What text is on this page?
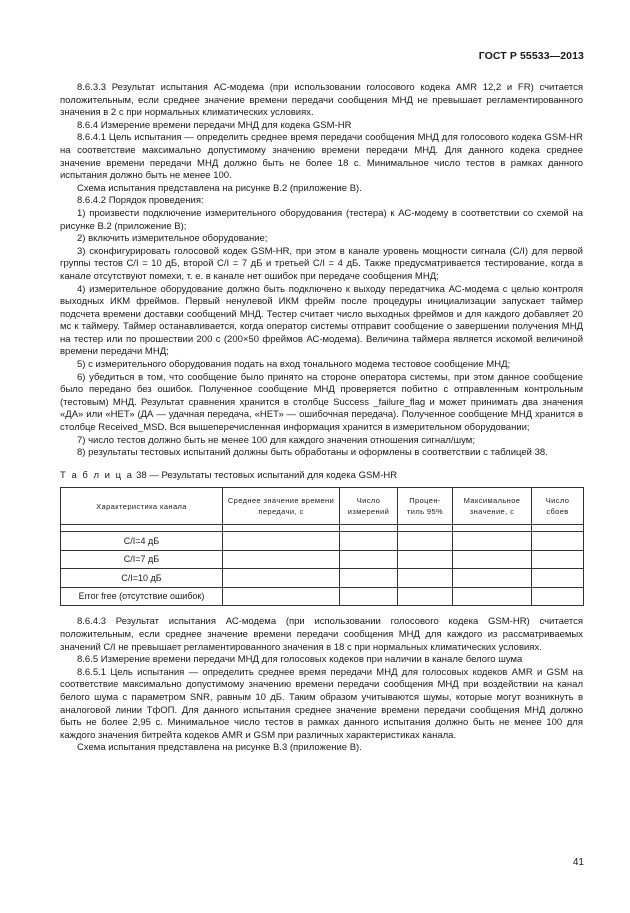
ГОСТ Р 55533—2013

8.6.3.3 Результат испытания АС-модема (при использовании голосового кодека AMR 12,2 и FR) считается положительным, если среднее значение времени передачи сообщения МНД не превышает регламентированного значения в 2 с при нормальных климатических условиях.

8.6.4 Измерение времени передачи МНД для кодека GSM-HR

8.6.4.1 Цель испытания — определить среднее время передачи сообщения МНД для голосового кодека GSM-HR на соответствие максимально допустимому значению времени передачи МНД. Для данного кодека среднее значение времени передачи МНД должно быть не более 18 с. Минимальное число тестов в рамках данного испытания должно быть не менее 100.

Схема испытания представлена на рисунке В.2 (приложение В).

8.6.4.2 Порядок проведения:

1) произвести подключение измерительного оборудования (тестера) к АС-модему в соответствии со схемой на рисунке В.2 (приложение В);

2) включить измерительное оборудование;

3) сконфигурировать голосовой кодек GSM-HR, при этом в канале уровень мощности сигнала (C/I) для первой группы тестов C/I = 10 дБ, второй C/I = 7 дБ и третьей C/I = 4 дБ. Также предусматривается тестирование, когда в канале отсутствуют помехи, т. е. в канале нет ошибок при передаче сообщения МНД;

4) измерительное оборудование должно быть подключено к выходу передатчика АС-модема с целью контроля выходных ИКМ фреймов. Первый ненулевой ИКМ фрейм после процедуры инициализации запускает таймер подсчета времени доставки сообщений МНД. Тестер считает число выходных фреймов и для каждого добавляет 20 мс к таймеру. Таймер останавливается, когда оператор системы отправит сообщение о завершении получения МНД на тестер или по прошествии 200 с (200×50 фреймов АС-модема). Величина таймера является искомой величиной времени передачи МНД;

5) с измерительного оборудования подать на вход тонального модема тестовое сообщение МНД;

6) убедиться в том, что сообщение было принято на стороне оператора системы, при этом данное сообщение было передано без ошибок. Полученное сообщение МНД проверяется побитно с отправленным контрольным (тестовым) МНД. Результат сравнения хранится в столбце Success _failure_flag и может принимать два значения «ДА» или «НЕТ» (ДА — удачная передача, «НЕТ» — ошибочная передача). Полученное сообщение МНД хранится в столбце Received_MSD. Вся вышеперечисленная информация хранится в измерительном оборудовании;

7) число тестов должно быть не менее 100 для каждого значения отношения сигнал/шум;

8) результаты тестовых испытаний должны быть обработаны и оформлены в соответствии с таблицей 38.

Т а б л и ц а 38 — Результаты тестовых испытаний для кодека GSM-HR

Характеристика канала	Среднее значение времени передачи, с	Число измерений	Процен- тиль 95%	Максимальное значение, с	Число сбоев

C/I=4 дБ					
C/I=7 дБ					
C/I=10 дБ					
Error free (отсутствие ошибок)					

8.6.4.3 Результат испытания АС-модема (при использовании голосового кодека GSM-HR) считается положительным, если среднее значение времени передачи сообщения МНД для каждого из рассматриваемых значений C/I не превышает регламентированного значения в 18 с при нормальных климатических условиях.

8.6.5 Измерение времени передачи МНД для голосовых кодеков при наличии в канале белого шума

8.6.5.1 Цель испытания — определить среднее время передачи МНД для голосовых кодеков AMR и GSM на соответствие максимально допустимому значению времени передачи сообщения МНД при воздействии на канал белого шума с параметром SNR, равным 10 дБ. Таким образом учитываются шумы, которые могут возникнуть в аналоговой линии ТфОП. Для данного испытания среднее значение времени передачи сообщения МНД должно быть не более 2,95 с. Минимальное число тестов в рамках данного испытания должно быть не менее 100 для каждого значения битрейта кодеков AMR и GSM при различных характеристиках канала.

Схема испытания представлена на рисунке В.3 (приложение В).

41
